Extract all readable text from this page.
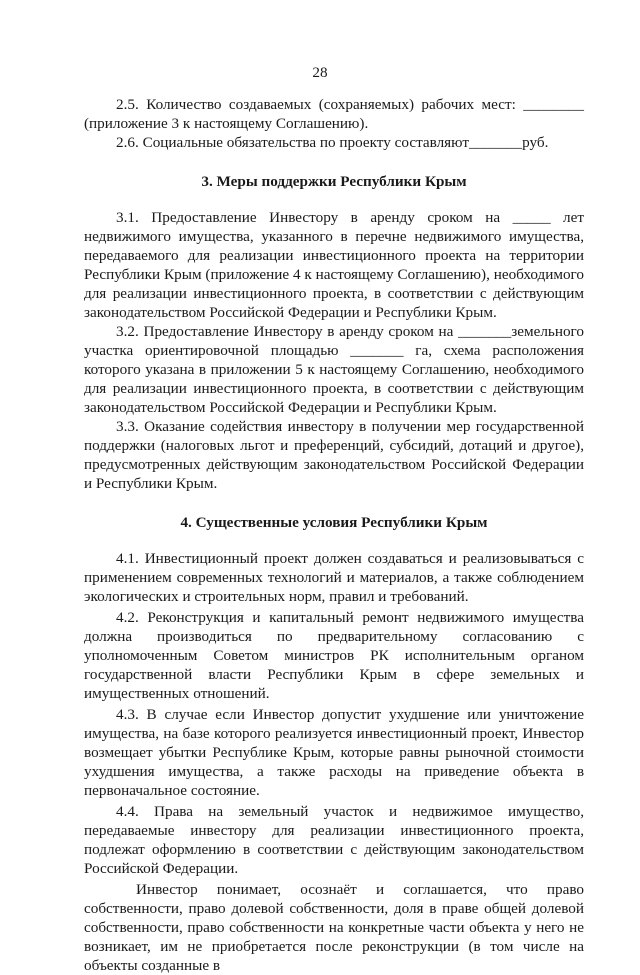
28

2.5. Количество создаваемых (сохраняемых) рабочих мест: ________ (приложение 3 к настоящему Соглашению).

2.6. Социальные обязательства по проекту составляют_______руб.

3. Меры поддержки Республики Крым

3.1. Предоставление Инвестору в аренду сроком на _____ лет недвижимого имущества, указанного в перечне недвижимого имущества, передаваемого для реализации инвестиционного проекта на территории Республики Крым (приложение 4 к настоящему Соглашению), необходимого для реализации инвестиционного проекта, в соответствии с действующим законодательством Российской Федерации и Республики Крым.

3.2. Предоставление Инвестору в аренду сроком на _______земельного участка ориентировочной площадью _______ га, схема расположения которого указана в приложении 5 к настоящему Соглашению, необходимого для реализации инвестиционного проекта, в соответствии с действующим законодательством Российской Федерации и Республики Крым.

3.3. Оказание содействия инвестору в получении мер государственной поддержки (налоговых льгот и преференций, субсидий, дотаций и другое), предусмотренных действующим законодательством Российской Федерации и Республики Крым.

4. Существенные условия Республики Крым

4.1. Инвестиционный проект должен создаваться и реализовываться с применением современных технологий и материалов, а также соблюдением экологических и строительных норм, правил и требований.

4.2. Реконструкция и капитальный ремонт недвижимого имущества должна производиться по предварительному согласованию с уполномоченным Советом министров РК исполнительным органом государственной власти Республики Крым в сфере земельных и имущественных отношений.

4.3. В случае если Инвестор допустит ухудшение или уничтожение имущества, на базе которого реализуется инвестиционный проект, Инвестор возмещает убытки Республике Крым, которые равны рыночной стоимости ухудшения имущества, а также расходы на приведение объекта в первоначальное состояние.

4.4. Права на земельный участок и недвижимое имущество, передаваемые инвестору для реализации инвестиционного проекта, подлежат оформлению в соответствии с действующим законодательством Российской Федерации.

Инвестор понимает, осознаёт и соглашается, что право собственности, право долевой собственности, доля в праве общей долевой собственности, право собственности на конкретные части объекта у него не возникает, им не приобретается после реконструкции (в том числе на объекты созданные в
